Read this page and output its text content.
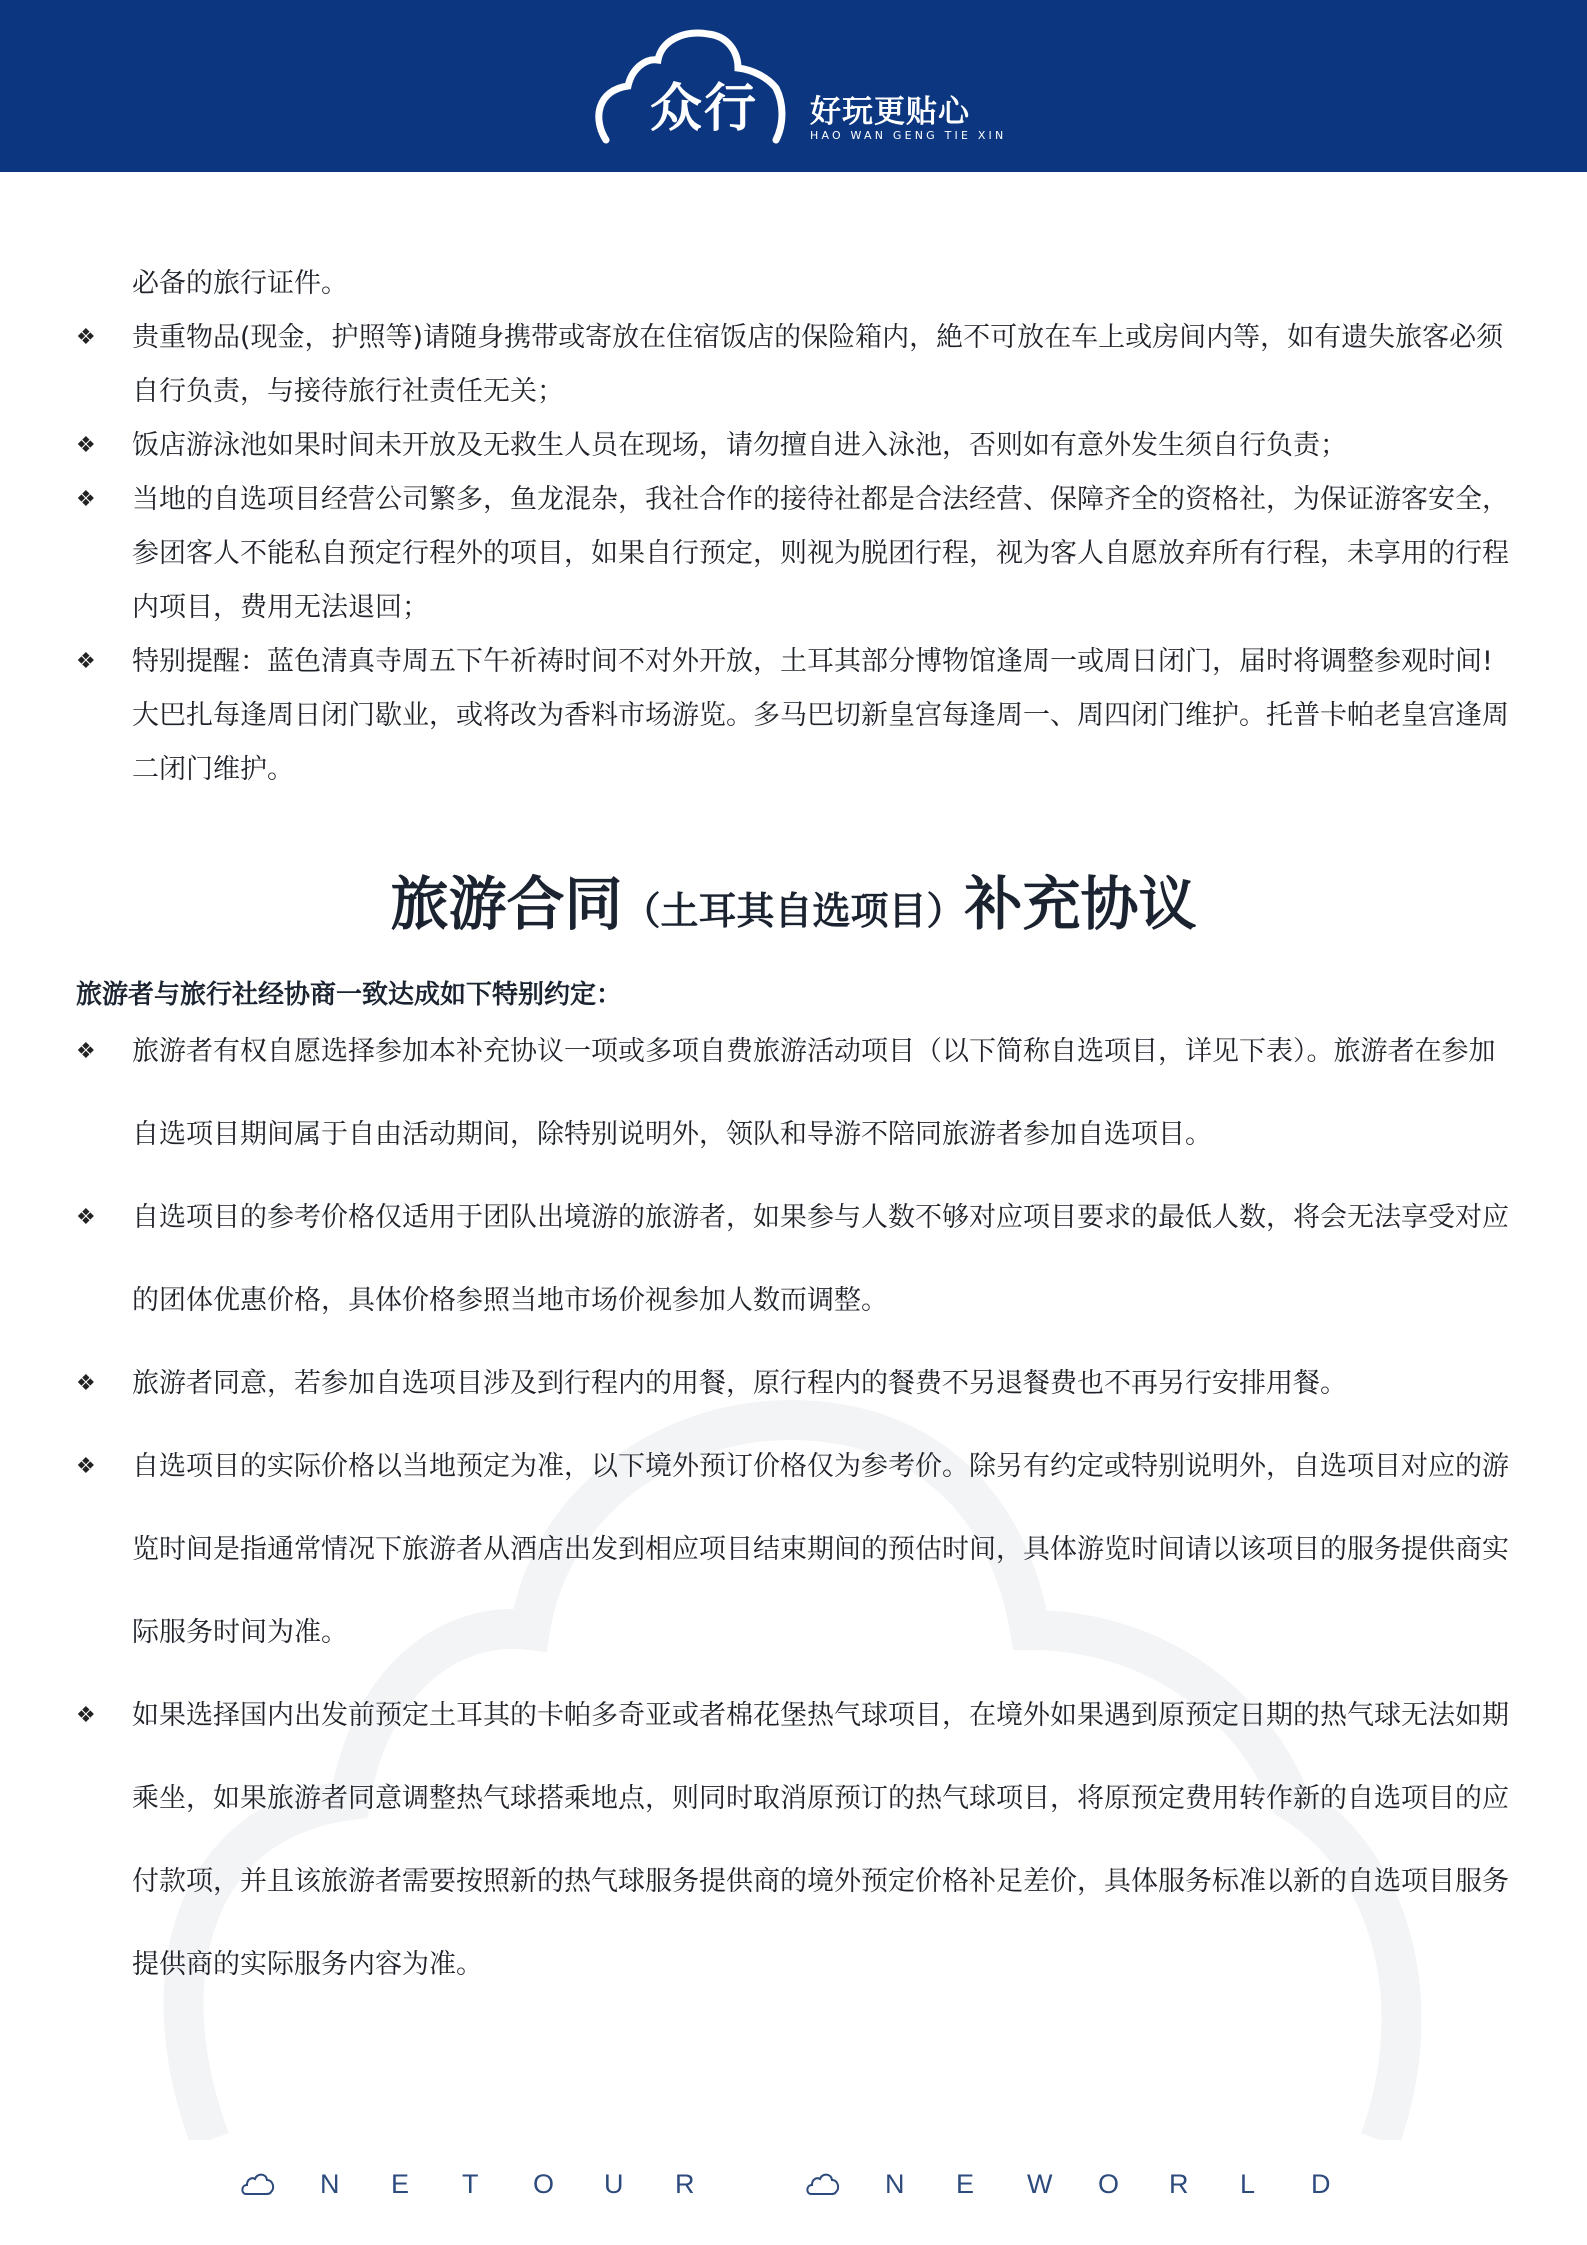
众行 好玩更贴心
HAO WAN GENG TIE XIN
必备的旅行证件。
❖ 贵重物品(现金，护照等)请随身携带或寄放在住宿饭店的保险箱内，絶不可放在车上或房间内等，如有遗失旅客必须自行负责，与接待旅行社责任无关；
❖ 饭店游泳池如果时间未开放及无救生人员在现场，请勿擅自进入泳池，否则如有意外发生须自行负责；
❖ 当地的自选项目经营公司繁多，鱼龙混杂，我社合作的接待社都是合法经营、保障齐全的资格社，为保证游客安全，参团客人不能私自预定行程外的项目，如果自行预定，则视为脱团行程，视为客人自愿放弃所有行程，未享用的行程内项目，费用无法退回；
❖ 特别提醒：蓝色清真寺周五下午祈祷时间不对外开放，土耳其部分博物馆逢周一或周日闭门，届时将调整参观时间!大巴扎每逢周日闭门歇业，或将改为香料市场游览。多马巴切新皇宫每逢周一、周四闭门维护。托普卡帕老皇宫逢周二闭门维护。
旅游合同（土耳其自选项目）补充协议
旅游者与旅行社经协商一致达成如下特别约定：
❖ 旅游者有权自愿选择参加本补充协议一项或多项自费旅游活动项目（以下简称自选项目，详见下表）。旅游者在参加自选项目期间属于自由活动期间，除特别说明外，领队和导游不陪同旅游者参加自选项目。
❖ 自选项目的参考价格仅适用于团队出境游的旅游者，如果参与人数不够对应项目要求的最低人数，将会无法享受对应的团体优惠价格，具体价格参照当地市场价视参加人数而调整。
❖ 旅游者同意，若参加自选项目涉及到行程内的用餐，原行程内的餐费不另退餐费也不再另行安排用餐。
❖ 自选项目的实际价格以当地预定为准，以下境外预订价格仅为参考价。除另有约定或特别说明外，自选项目对应的游览时间是指通常情况下旅游者从酒店出发到相应项目结束期间的预估时间，具体游览时间请以该项目的服务提供商实际服务时间为准。
❖ 如果选择国内出发前预定土耳其的卡帕多奇亚或者棉花堡热气球项目，在境外如果遇到原预定日期的热气球无法如期乘坐，如果旅游者同意调整热气球搭乘地点，则同时取消原预订的热气球项目，将原预定费用转作新的自选项目的应付款项，并且该旅游者需要按照新的热气球服务提供商的境外预定价格补足差价，具体服务标准以新的自选项目服务提供商的实际服务内容为准。
N	E	T	O	U	R	N	E	W	O	R	L	D
